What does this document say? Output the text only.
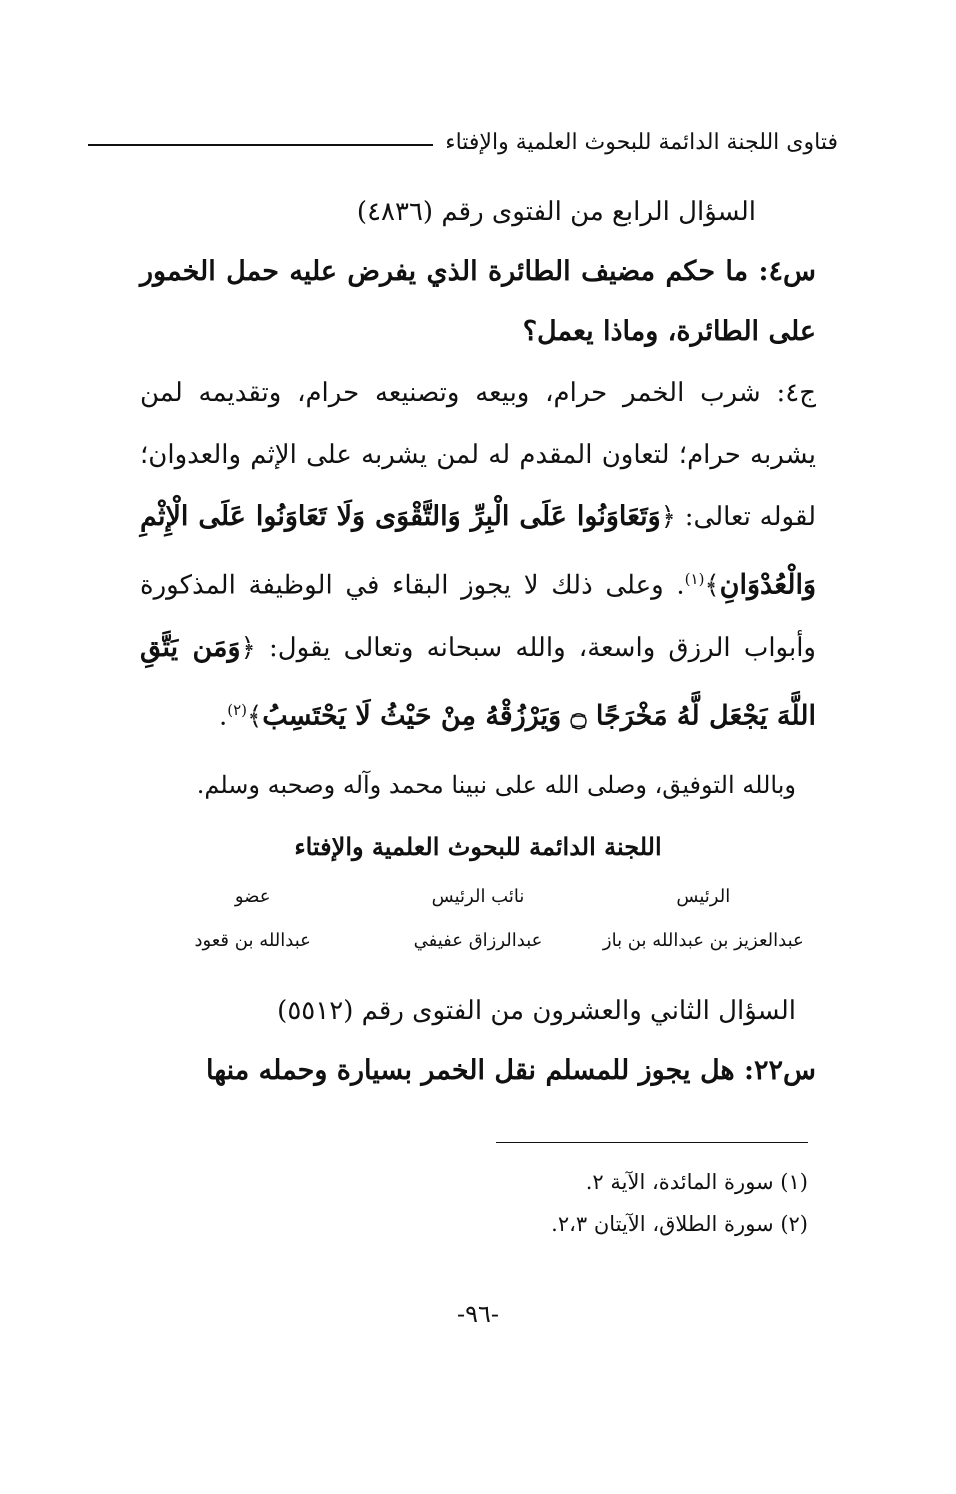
فتاوى اللجنة الدائمة للبحوث العلمية والإفتاء
السؤال الرابع من الفتوى رقم (٤٨٣٦)
س٤: ما حكم مضيف الطائرة الذي يفرض عليه حمل الخمور على الطائرة، وماذا يعمل؟
ج٤: شرب الخمر حرام، وبيعه وتصنيعه حرام، وتقديمه لمن يشربه حرام؛ لتعاون المقدم له لمن يشربه على الإثم والعدوان؛ لقوله تعالى: ﴿وَتَعَاوَنُوا عَلَى الْبِرِّ وَالتَّقْوَى وَلَا تَعَاوَنُوا عَلَى الْإِثْمِ وَالْعُدْوَانِ﴾$^{(١)}$. وعلى ذلك لا يجوز البقاء في الوظيفة المذكورة وأبواب الرزق واسعة، والله سبحانه وتعالى يقول: ﴿وَمَن يَتَّقِ اللَّهَ يَجْعَل لَّهُ مَخْرَجًا ۝ وَيَرْزُقْهُ مِنْ حَيْثُ لَا يَحْتَسِبُ﴾$^{(٢)}$.
وبالله التوفيق، وصلى الله على نبينا محمد وآله وصحبه وسلم.
اللجنة الدائمة للبحوث العلمية والإفتاء
الرئيس
نائب الرئيس
عضو
عبدالعزيز بن عبدالله بن باز
عبدالرزاق عفيفي
عبدالله بن قعود
السؤال الثاني والعشرون من الفتوى رقم (٥٥١٢)
س٢٢: هل يجوز للمسلم نقل الخمر بسيارة وحمله منها
(١) سورة المائدة، الآية ٢.
(٢) سورة الطلاق، الآيتان ٢،٣.
-٩٦-
